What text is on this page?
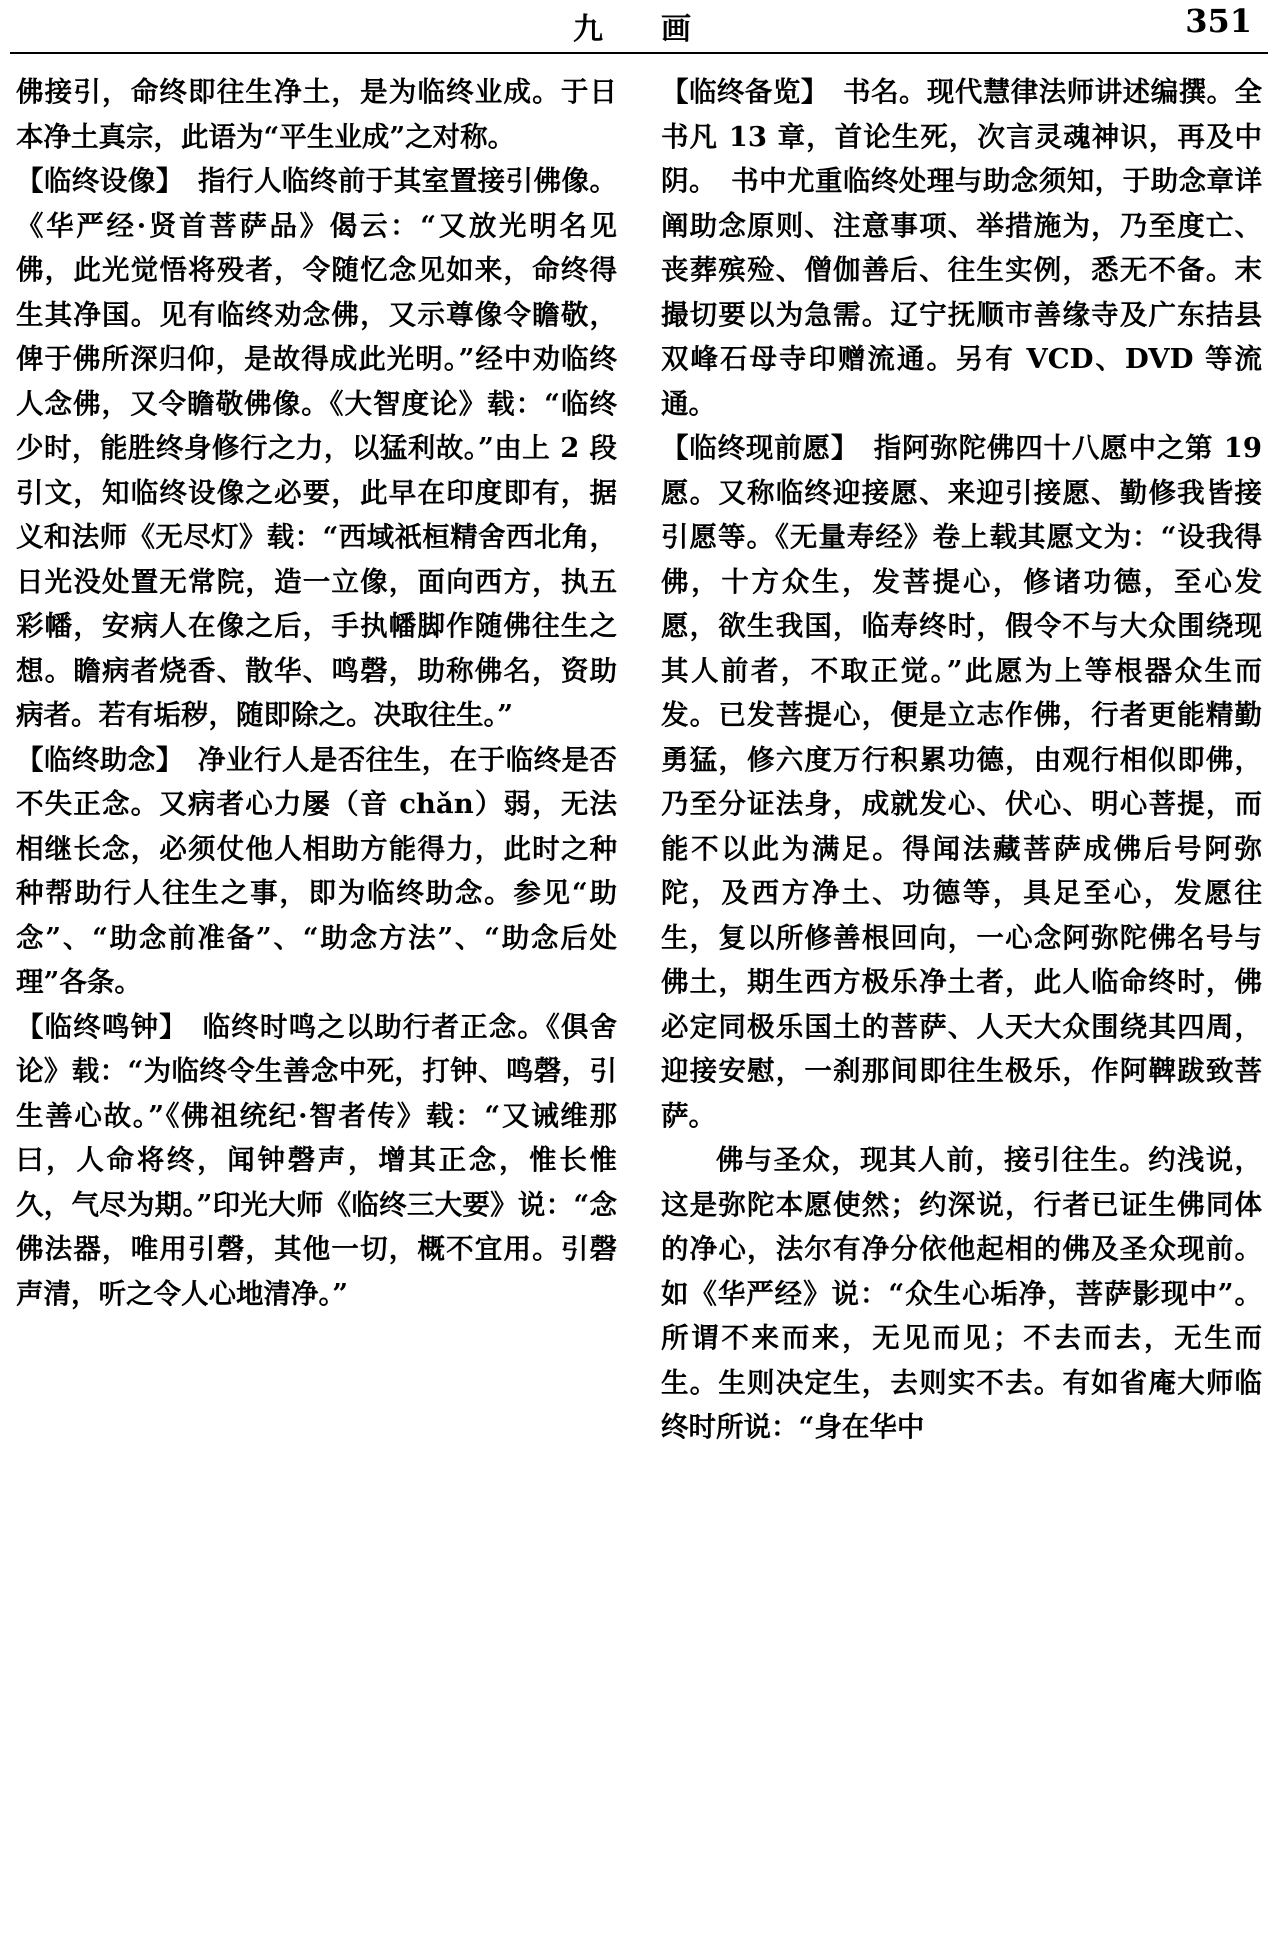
九　画	351

佛接引，命终即往生净土，是为临终业成。于日本净土真宗，此语为“平生业成”之对称。

【临终设像】　指行人临终前于其室置接引佛像。《华严经·贤首菩萨品》偈云：“又放光明名见佛，此光觉悟将殁者，令随忆念见如来，命终得生其净国。见有临终劝念佛，又示尊像令瞻敬，俾于佛所深归仰，是故得成此光明。”经中劝临终人念佛，又令瞻敬佛像。《大智度论》载：“临终少时，能胜终身修行之力，以猛利故。”由上 2 段引文，知临终设像之必要，此早在印度即有，据义和法师《无尽灯》载：“西域祇桓精舍西北角，日光没处置无常院，造一立像，面向西方，执五彩幡，安病人在像之后，手执幡脚作随佛往生之想。瞻病者烧香、散华、鸣磬，助称佛名，资助病者。若有垢秽，随即除之。决取往生。”

【临终助念】　净业行人是否往生，在于临终是否不失正念。又病者心力屡（音 chǎn）弱，无法相继长念，必须仗他人相助方能得力，此时之种种帮助行人往生之事，即为临终助念。参见“助念”、“助念前准备”、“助念方法”、“助念后处理”各条。

【临终鸣钟】　临终时鸣之以助行者正念。《俱舍论》载：“为临终令生善念中死，打钟、鸣磬，引生善心故。”《佛祖统纪·智者传》载：“又诫维那曰，人命将终，闻钟磬声，增其正念，惟长惟久，气尽为期。”印光大师《临终三大要》说：“念佛法器，唯用引磬，其他一切，概不宜用。引磬声清，听之令人心地清净。”

【临终备览】　书名。现代慧律法师讲述编撰。全书凡 13 章，首论生死，次言灵魂神识，再及中阴。　书中尤重临终处理与助念须知，于助念章详阐助念原则、注意事项、举措施为，乃至度亡、丧葬殡殓、僧伽善后、往生实例，悉无不备。末撮切要以为急需。辽宁抚顺市善缘寺及广东拮县双峰石母寺印赠流通。另有 VCD、DVD 等流通。

【临终现前愿】　指阿弥陀佛四十八愿中之第 19 愿。又称临终迎接愿、来迎引接愿、勤修我皆接引愿等。《无量寿经》卷上载其愿文为：“设我得佛，十方众生，发菩提心，修诸功德，至心发愿，欲生我国，临寿终时，假令不与大众围绕现其人前者，不取正觉。”此愿为上等根器众生而发。已发菩提心，便是立志作佛，行者更能精勤勇猛，修六度万行积累功德，由观行相似即佛，乃至分证法身，成就发心、伏心、明心菩提，而能不以此为满足。得闻法藏菩萨成佛后号阿弥陀，及西方净土、功德等，具足至心，发愿往生，复以所修善根回向，一心念阿弥陀佛名号与佛土，期生西方极乐净土者，此人临命终时，佛必定同极乐国土的菩萨、人天大众围绕其四周，迎接安慰，一刹那间即往生极乐，作阿鞞跋致菩萨。

佛与圣众，现其人前，接引往生。约浅说，这是弥陀本愿使然；约深说，行者已证生佛同体的净心，法尔有净分依他起相的佛及圣众现前。如《华严经》说：“众生心垢净，菩萨影现中”。所谓不来而来，无见而见；不去而去，无生而生。生则决定生，去则实不去。有如省庵大师临终时所说：“身在华中
